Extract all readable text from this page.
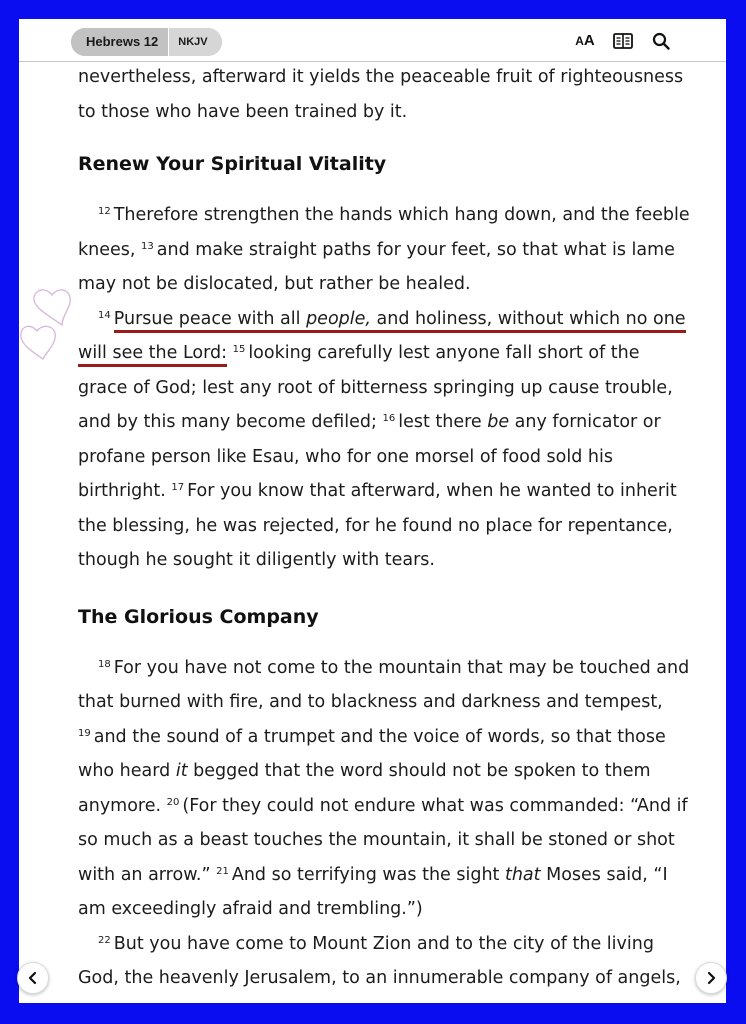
Hebrews 12	NKJV	A A

nevertheless, afterward it yields the peaceable fruit of righteousness to those who have been trained by it.

Renew Your Spiritual Vitality

$^{12}$ Therefore strengthen the hands which hang down, and the feeble knees, $^{13}$ and make straight paths for your feet, so that what is lame may not be dislocated, but rather be healed.

$^{14}$ Pursue peace with all people, and holiness, without which no one will see the Lord: $^{15}$ looking carefully lest anyone fall short of the grace of God; lest any root of bitterness springing up cause trouble, and by this many become defiled; $^{16}$ lest there be any fornicator or profane person like Esau, who for one morsel of food sold his birthright. $^{17}$ For you know that afterward, when he wanted to inherit the blessing, he was rejected, for he found no place for repentance, though he sought it diligently with tears.

The Glorious Company

$^{18}$ For you have not come to the mountain that may be touched and that burned with fire, and to blackness and darkness and tempest, $^{19}$ and the sound of a trumpet and the voice of words, so that those who heard it begged that the word should not be spoken to them anymore. $^{20}$ (For they could not endure what was commanded: “And if so much as a beast touches the mountain, it shall be stoned or shot with an arrow.” $^{21}$ And so terrifying was the sight that Moses said, “I am exceedingly afraid and trembling.”)

$^{22}$ But you have come to Mount Zion and to the city of the living God, the heavenly Jerusalem, to an innumerable company of angels,
